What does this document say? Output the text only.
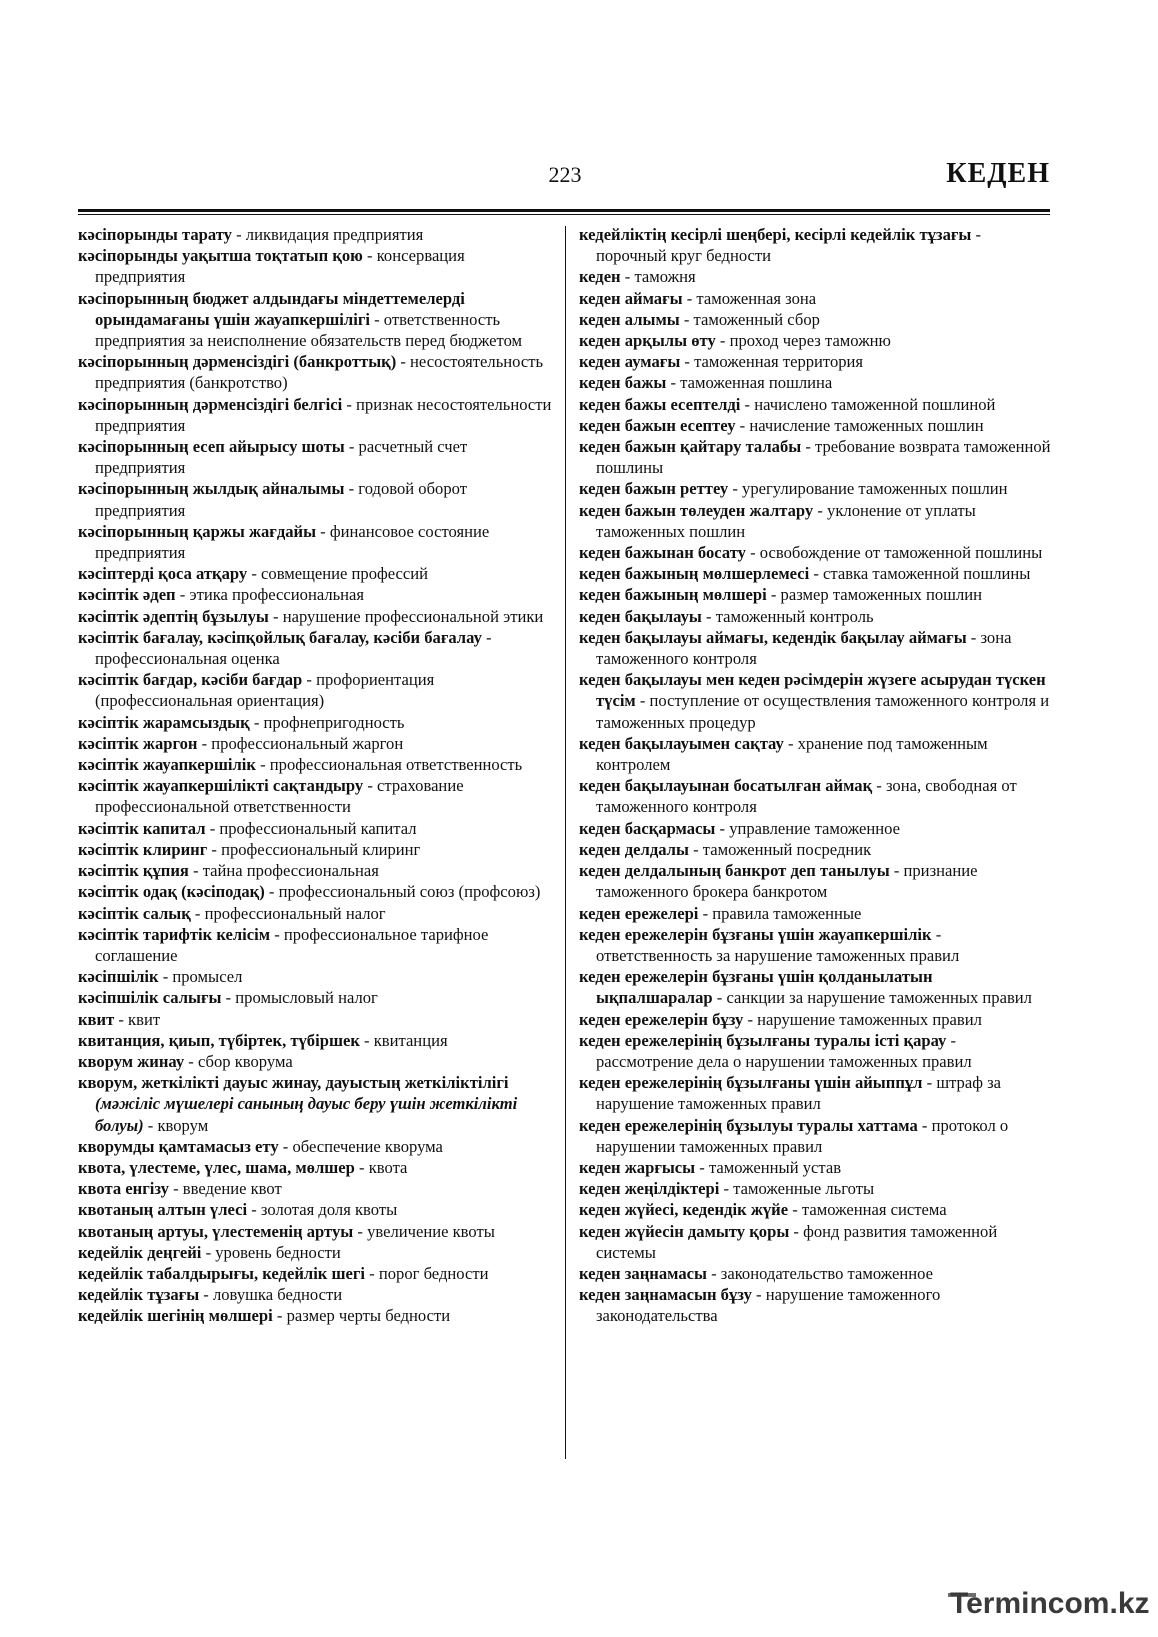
223	КЕДЕН

кәсіпорынды тарату - ликвидация предприятия

кәсіпорынды уақытша тоқтатып қою - консервация предприятия

кәсіпорынның бюджет алдындағы міндеттемелерді орындамағаны үшін жауапкершілігі - ответственность предприятия за неисполнение обязательств перед бюджетом

кәсіпорынның дәрменсіздігі (банкроттық) - несостоятельность предприятия (банкротство)

кәсіпорынның дәрменсіздігі белгісі - признак несостоятельности предприятия

кәсіпорынның есеп айырысу шоты - расчетный счет предприятия

кәсіпорынның жылдық айналымы - годовой оборот предприятия

кәсіпорынның қаржы жағдайы - финансовое состояние предприятия

кәсіптерді қоса атқару - совмещение профессий

кәсіптік әдеп - этика профессиональная

кәсіптік әдептің бұзылуы - нарушение профессиональной этики

кәсіптік бағалау, кәсіпқойлық бағалау, кәсіби бағалау - профессиональная оценка

кәсіптік бағдар, кәсіби бағдар - профориентация (профессиональная ориентация)

кәсіптік жарамсыздық - профнепригодность

кәсіптік жаргон - профессиональный жаргон

кәсіптік жауапкершілік - профессиональная ответственность

кәсіптік жауапкершілікті сақтандыру - страхование профессиональной ответственности

кәсіптік капитал - профессиональный капитал

кәсіптік клиринг - профессиональный клиринг

кәсіптік құпия - тайна профессиональная

кәсіптік одақ (кәсіподақ) - профессиональный союз (профсоюз)

кәсіптік салық - профессиональный налог

кәсіптік тарифтік келісім - профессиональное тарифное соглашение

кәсіпшілік - промысел

кәсіпшілік салығы - промысловый налог

квит - квит

квитанция, қиып, түбіртек, түбіршек - квитанция

кворум жинау - сбор кворума

кворум, жеткілікті дауыс жинау, дауыстың жеткіліктілігі (мәжіліс мүшелері санының дауыс беру үшін жеткілікті болуы) - кворум

кворумды қамтамасыз ету - обеспечение кворума

квота, үлестеме, үлес, шама, мөлшер - квота

квота енгізу - введение квот

квотаның алтын үлесі - золотая доля квоты

квотаның артуы, үлестеменің артуы - увеличение квоты

кедейлік деңгейі - уровень бедности

кедейлік табалдырығы, кедейлік шегі - порог бедности

кедейлік тұзағы - ловушка бедности

кедейлік шегінің мөлшері - размер черты бедности

кедейліктің кесірлі шеңбері, кесірлі кедейлік тұзағы - порочный круг бедности

кеден - таможня

кеден аймағы - таможенная зона

кеден алымы - таможенный сбор

кеден арқылы өту - проход через таможню

кеден аумағы - таможенная территория

кеден бажы - таможенная пошлина

кеден бажы есептелді - начислено таможенной пошлиной

кеден бажын есептеу - начисление таможенных пошлин

кеден бажын қайтару талабы - требование возврата таможенной пошлины

кеден бажын реттеу - урегулирование таможенных пошлин

кеден бажын төлеуден жалтару - уклонение от уплаты таможенных пошлин

кеден бажынан босату - освобождение от таможенной пошлины

кеден бажының мөлшерлемесі - ставка таможенной пошлины

кеден бажының мөлшері - размер таможенных пошлин

кеден бақылауы - таможенный контроль

кеден бақылауы аймағы, кедендік бақылау аймағы - зона таможенного контроля

кеден бақылауы мен кеден рәсімдерін жүзеге асырудан түскен түсім - поступление от осуществления таможенного контроля и таможенных процедур

кеден бақылауымен сақтау - хранение под таможенным контролем

кеден бақылауынан босатылған аймақ - зона, свободная от таможенного контроля

кеден басқармасы - управление таможенное

кеден делдалы - таможенный посредник

кеден делдалының банкрот деп танылуы - признание таможенного брокера банкротом

кеден ережелері - правила таможенные

кеден ережелерін бұзғаны үшін жауапкершілік - ответственность за нарушение таможенных правил

кеден ережелерін бұзғаны үшін қолданылатын ықпалшаралар - санкции за нарушение таможенных правил

кеден ережелерін бұзу - нарушение таможенных правил

кеден ережелерінің бұзылғаны туралы істі қарау - рассмотрение дела о нарушении таможенных правил

кеден ережелерінің бұзылғаны үшін айыппұл - штраф за нарушение таможенных правил

кеден ережелерінің бұзылуы туралы хаттама - протокол о нарушении таможенных правил

кеден жарғысы - таможенный устав

кеден жеңілдіктері - таможенные льготы

кеден жүйесі, кедендік жүйе - таможенная система

кеден жүйесін дамыту қоры - фонд развития таможенной системы

кеден заңнамасы - законодательство таможенное

кеден заңнамасын бұзу - нарушение таможенного законодательства

Termincom.kz
